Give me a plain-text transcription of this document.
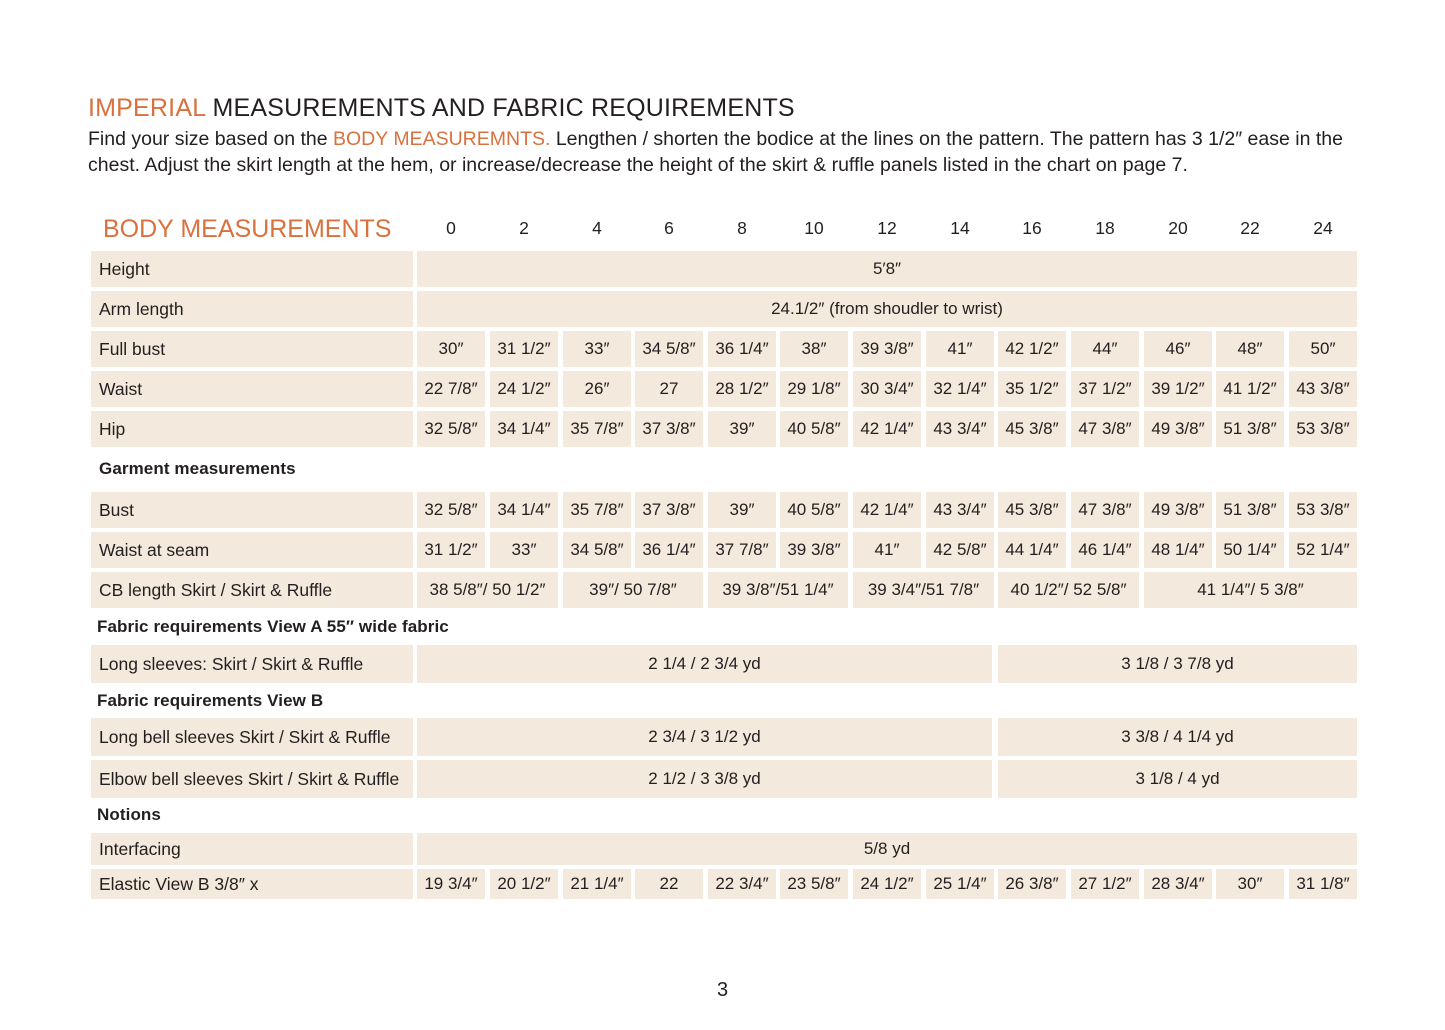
IMPERIAL MEASUREMENTS AND FABRIC REQUIREMENTS
Find your size based on the BODY MEASUREMNTS. Lengthen / shorten the bodice at the lines on the pattern. The pattern has 3 1/2″ ease in the chest. Adjust the skirt length at the hem, or increase/decrease the height of the skirt & ruffle panels listed in the chart on page 7.
BODY MEASUREMENTS	0	2	4	6	8	10	12	14	16	18	20	22	24
Height	5′8″
Arm length	24.1/2″ (from shoudler to wrist)
Full bust	30″	31 1/2″	33″	34 5/8″	36 1/4″	38″	39 3/8″	41″	42 1/2″	44″	46″	48″	50″
Waist	22 7/8″	24 1/2″	26″	27	28 1/2″	29 1/8″	30 3/4″	32 1/4″	35 1/2″	37 1/2″	39 1/2″	41 1/2″	43 3/8″
Hip	32 5/8″	34 1/4″	35 7/8″	37 3/8″	39″	40 5/8″	42 1/4″	43 3/4″	45 3/8″	47 3/8″	49 3/8″	51 3/8″	53 3/8″
Garment measurements
Bust	32 5/8″	34 1/4″	35 7/8″	37 3/8″	39″	40 5/8″	42 1/4″	43 3/4″	45 3/8″	47 3/8″	49 3/8″	51 3/8″	53 3/8″
Waist at seam	31 1/2″	33″	34 5/8″	36 1/4″	37 7/8″	39 3/8″	41″	42 5/8″	44 1/4″	46 1/4″	48 1/4″	50 1/4″	52 1/4″
CB length Skirt / Skirt & Ruffle	38 5/8″/ 50 1/2″	39″/ 50 7/8″	39 3/8″/51 1/4″	39 3/4″/51 7/8″	40 1/2″/ 52 5/8″	41 1/4″/ 5 3/8″
Fabric requirements View A 55″ wide fabric
Long sleeves: Skirt / Skirt & Ruffle	2 1/4 / 2 3/4 yd	3 1/8 / 3 7/8 yd
Fabric requirements View B
Long bell sleeves Skirt / Skirt & Ruffle	2 3/4 / 3 1/2 yd	3 3/8 / 4 1/4 yd
Elbow bell sleeves Skirt / Skirt & Ruffle	2 1/2 / 3 3/8 yd	3 1/8 / 4 yd
Notions
Interfacing	5/8 yd
Elastic View B 3/8″ x	19 3/4″	20 1/2″	21 1/4″	22	22 3/4″	23 5/8″	24 1/2″	25 1/4″	26 3/8″	27 1/2″	28 3/4″	30″	31 1/8″
3
